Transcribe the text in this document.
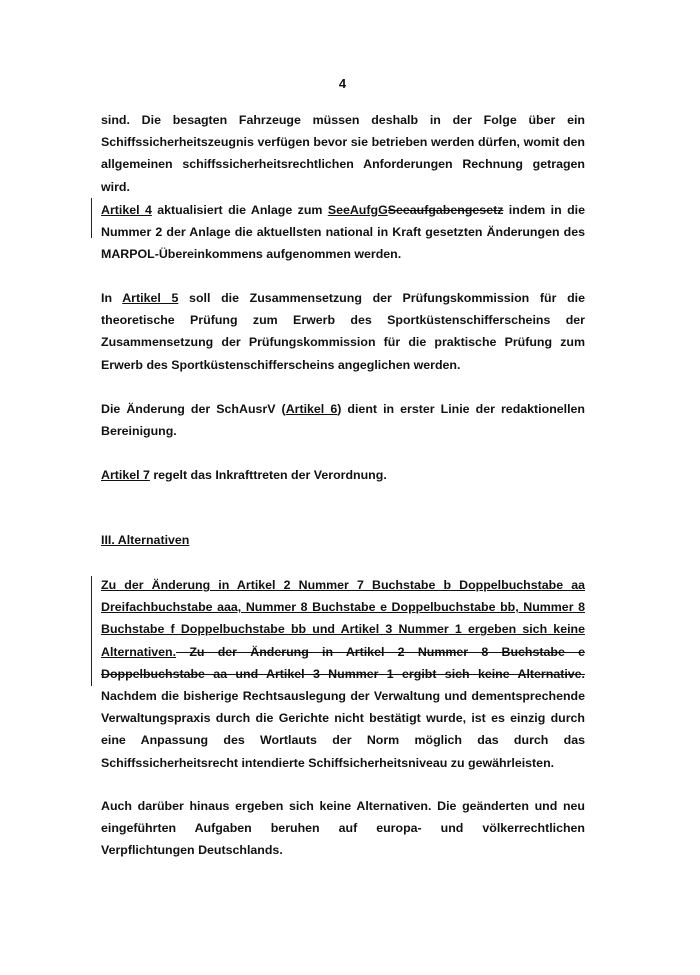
4

sind. Die besagten Fahrzeuge müssen deshalb in der Folge über ein Schiffssicherheitszeugnis verfügen bevor sie betrieben werden dürfen, womit den allgemeinen schiffssicherheitsrechtlichen Anforderungen Rechnung getragen wird.

Artikel 4 aktualisiert die Anlage zum SeeAufgGSeeaufgabengesetz indem in die Nummer 2 der Anlage die aktuellsten national in Kraft gesetzten Änderungen des MARPOL-Übereinkommens aufgenommen werden.

In Artikel 5 soll die Zusammensetzung der Prüfungskommission für die theoretische Prüfung zum Erwerb des Sportküstenschifferscheins der Zusammensetzung der Prüfungskommission für die praktische Prüfung zum Erwerb des Sportküstenschifferscheins angeglichen werden.

Die Änderung der SchAusrV (Artikel 6) dient in erster Linie der redaktionellen Bereinigung.

Artikel 7 regelt das Inkrafttreten der Verordnung.

III. Alternativen

Zu der Änderung in Artikel 2 Nummer 7 Buchstabe b Doppelbuchstabe aa Dreifachbuchstabe aaa, Nummer 8 Buchstabe e Doppelbuchstabe bb, Nummer 8 Buchstabe f Doppelbuchstabe bb und Artikel 3 Nummer 1 ergeben sich keine Alternativen. Zu der Änderung in Artikel 2 Nummer 8 Buchstabe e Doppelbuchstabe aa und Artikel 3 Nummer 1 ergibt sich keine Alternative. Nachdem die bisherige Rechtsauslegung der Verwaltung und dementsprechende Verwaltungspraxis durch die Gerichte nicht bestätigt wurde, ist es einzig durch eine Anpassung des Wortlauts der Norm möglich das durch das Schiffssicherheitsrecht intendierte Schiffsicherheitsniveau zu gewährleisten.

Auch darüber hinaus ergeben sich keine Alternativen. Die geänderten und neu eingeführten Aufgaben beruhen auf europa- und völkerrechtlichen Verpflichtungen Deutschlands.
